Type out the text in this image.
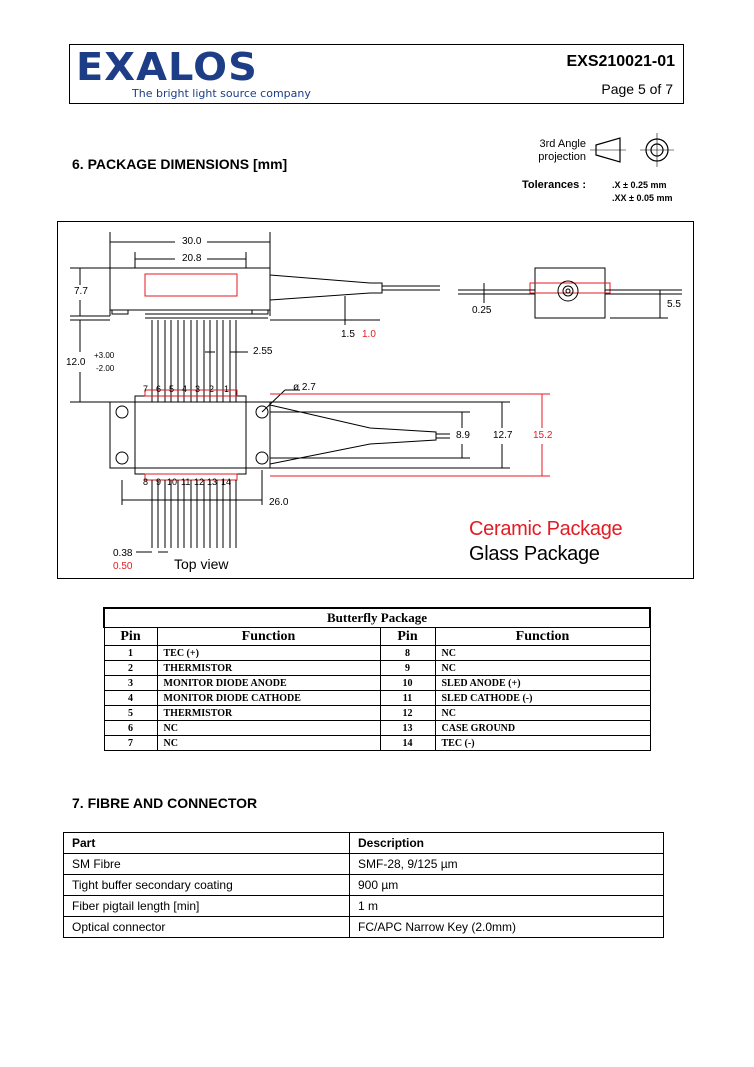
EXALOS
The bright light source company
EXS210021-01
Page 5 of 7
6. PACKAGE DIMENSIONS [mm]
3rd Angle
projection
Tolerances :	.X ± 0.25 mm
.XX ± 0.05 mm
30.0
20.8
7.7
1.5 1.0
12.0
+3.00
-2.00
2.55
ø 2.7
8.9 12.7 15.2
26.0
0.25
5.5
0.38
0.50
7 6 5 4 3 2 1
8 9 10 11 12 13 14
Ceramic Package
Glass Package
Top view
Butterfly Package			
Pin	Function	Pin	Function
1	TEC (+)	8	NC
2	THERMISTOR	9	NC
3	MONITOR DIODE ANODE	10	SLED ANODE (+)
4	MONITOR DIODE CATHODE	11	SLED CATHODE (-)
5	THERMISTOR	12	NC
6	NC	13	CASE GROUND
7	NC	14	TEC (-)
7. FIBRE AND CONNECTOR
Part	Description
SM Fibre	SMF-28, 9/125 µm
Tight buffer secondary coating	900 µm
Fiber pigtail length [min]	1 m
Optical connector	FC/APC Narrow Key (2.0mm)
